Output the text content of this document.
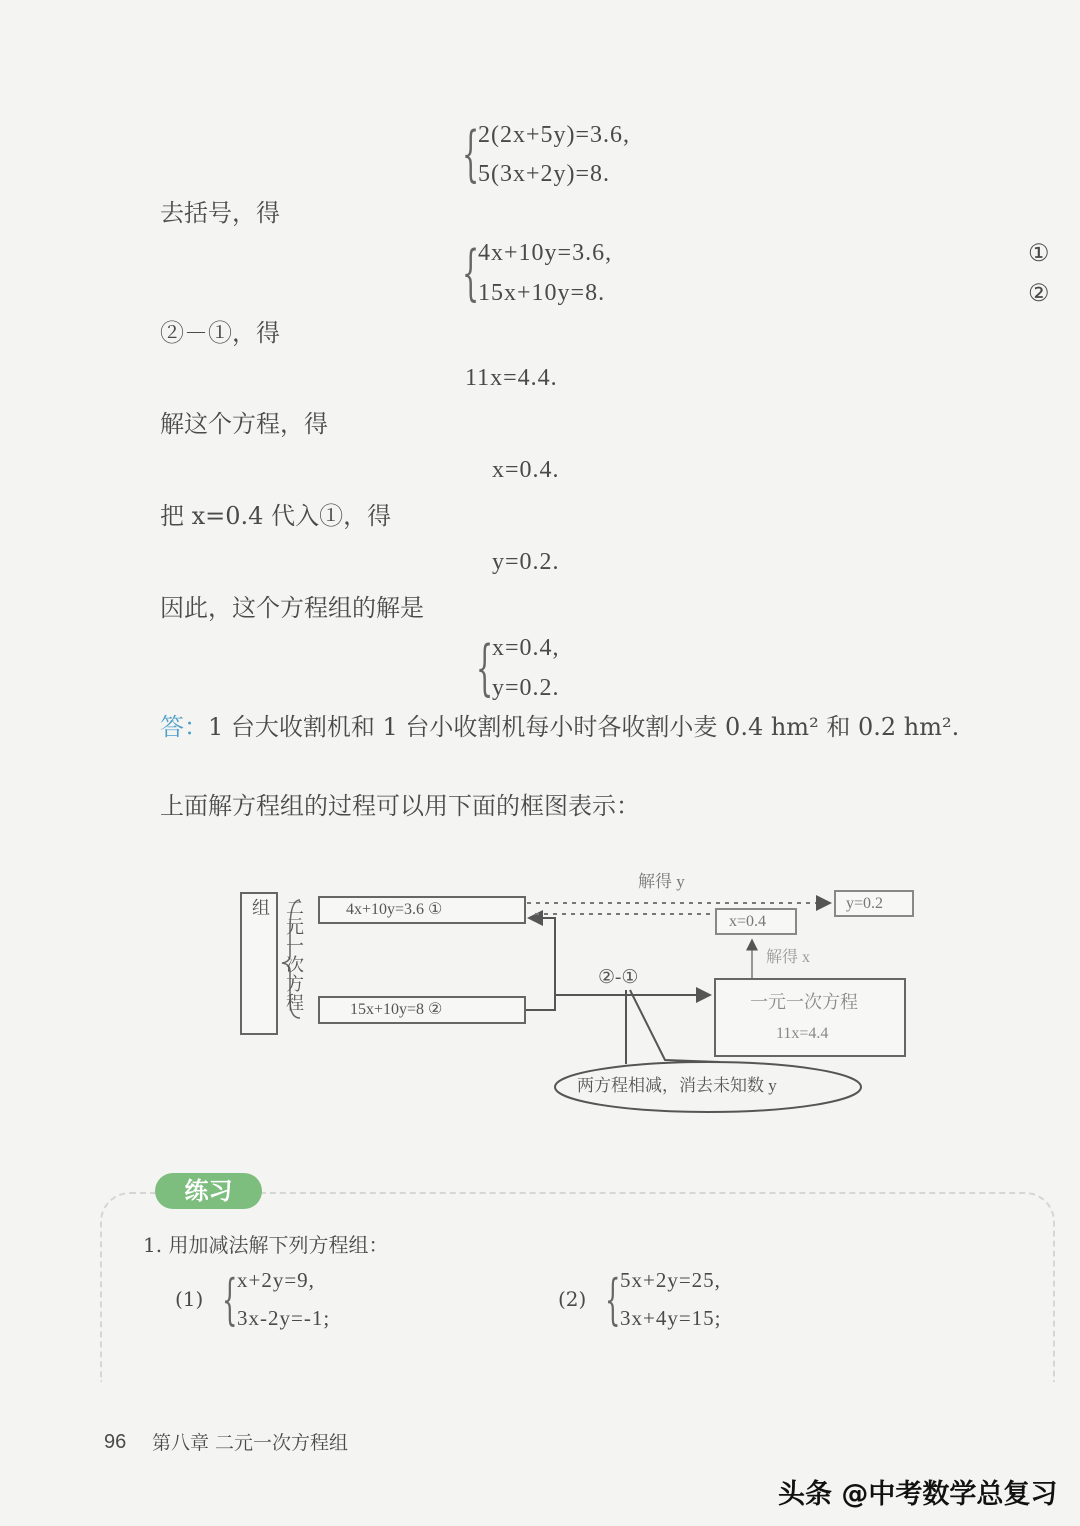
{
2(2x+5y)=3.6,
5(3x+2y)=8.
去括号，得
{
4x+10y=3.6,
15x+10y=8.
①
②
②－①，得
11x=4.4.
解这个方程，得
x=0.4.
把 x=0.4 代入①，得
y=0.2.
因此，这个方程组的解是
{
x=0.4,
y=0.2.
答：1 台大收割机和 1 台小收割机每小时各收割小麦 0.4 hm² 和 0.2 hm².
上面解方程组的过程可以用下面的框图表示：
二元一次方程组	4x+10y=3.6 ①
15x+10y=8 ②
x=0.4
y=0.2
一元一次方程
11x=4.4
解得 y
解得 x
②-①
两方程相减，消去未知数 y
练习
1. 用加减法解下列方程组：
(1) { x+2y=9,
3x-2y=-1;
(2) { 5x+2y=25,
3x+4y=15;
96 第八章 二元一次方程组
头条 @中考数学总复习
